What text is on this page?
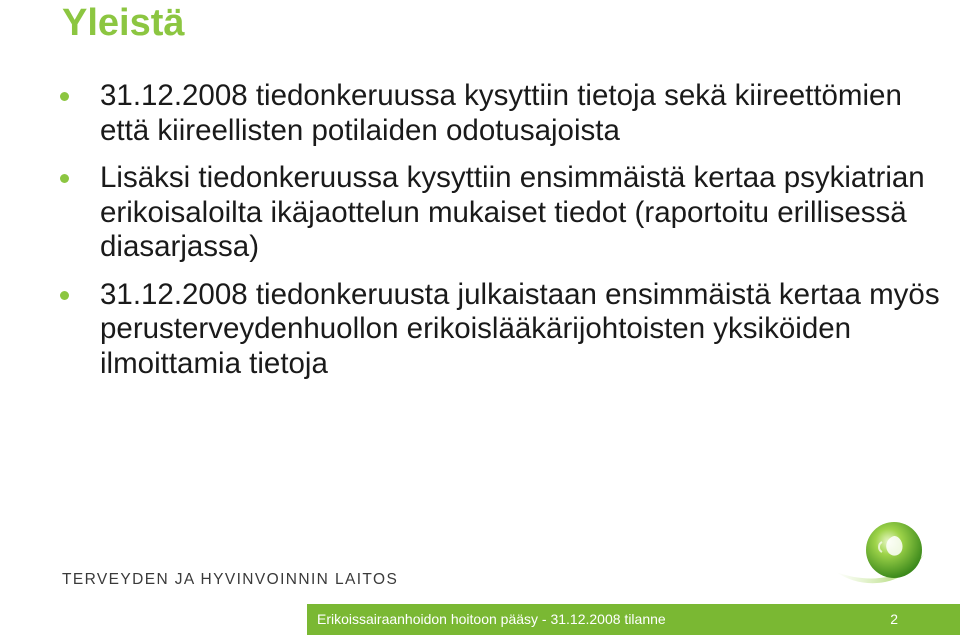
Yleistä
31.12.2008 tiedonkeruussa kysyttiin tietoja sekä kiireettömien että kiireellisten potilaiden odotusajoista
Lisäksi tiedonkeruussa kysyttiin ensimmäistä kertaa psykiatrian erikoisaloilta ikäjaottelun mukaiset tiedot (raportoitu erillisessä diasarjassa)
31.12.2008 tiedonkeruusta julkaistaan ensimmäistä kertaa myös perusterveydenhuollon erikoislääkärijohtoisten yksiköiden ilmoittamia tietoja
TERVEYDEN JA HYVINVOINNIN LAITOS
Erikoissairaanhoidon hoitoon pääsy - 31.12.2008 tilanne	2
